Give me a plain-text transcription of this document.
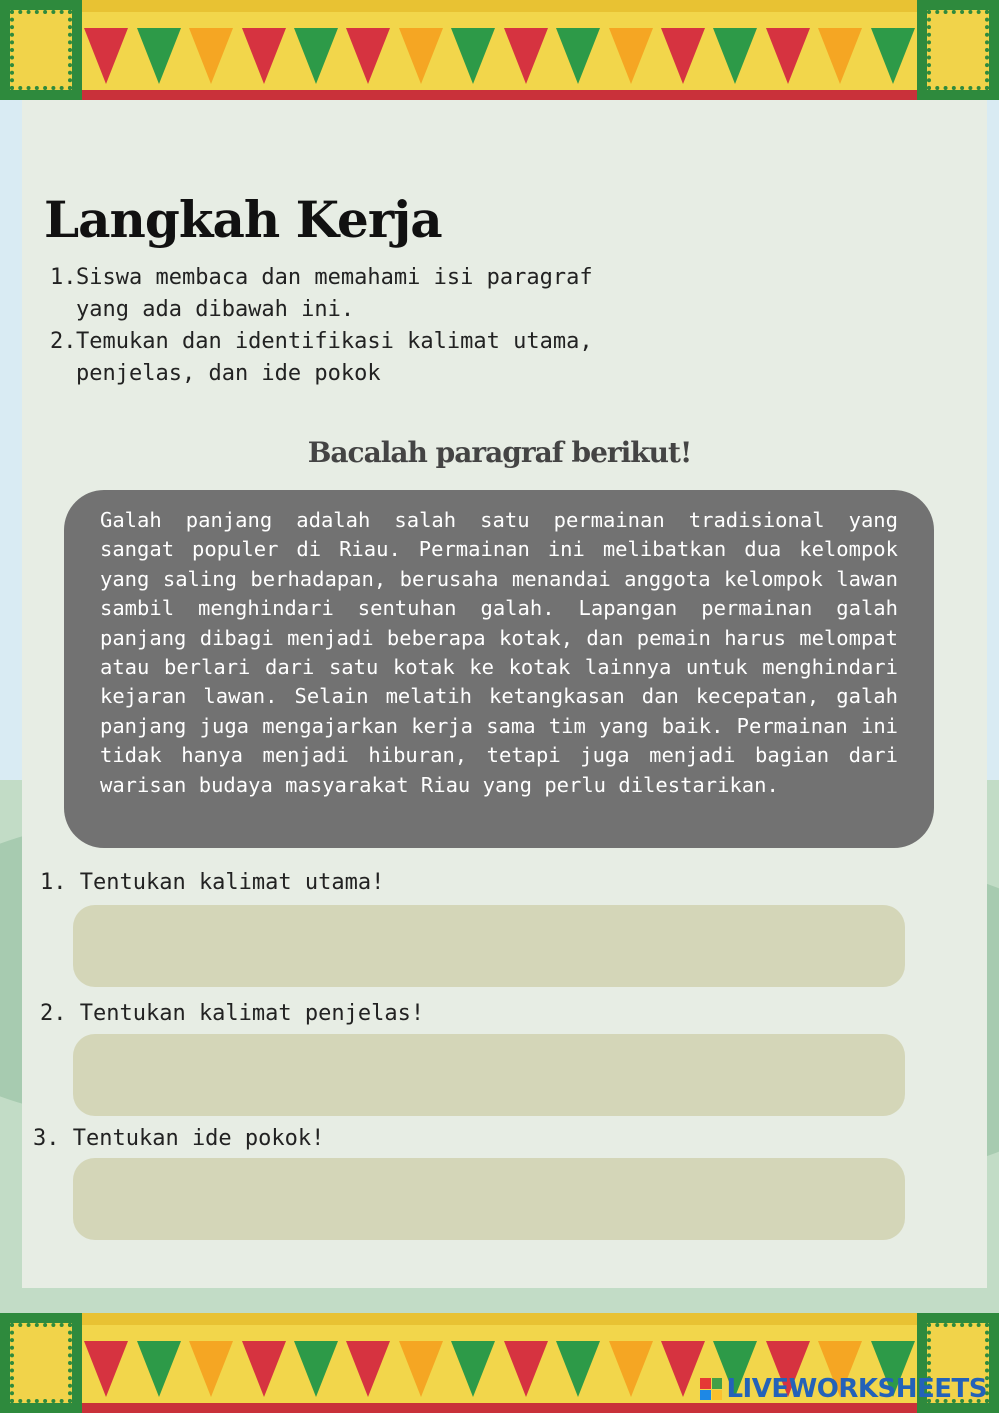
Langkah Kerja
1. Siswa membaca dan memahami isi paragraf yang ada dibawah ini.
2. Temukan dan identifikasi kalimat utama, penjelas, dan ide pokok
Bacalah paragraf berikut!

Galah panjang adalah salah satu permainan tradisional yang sangat populer di Riau. Permainan ini melibatkan dua kelompok yang saling berhadapan, berusaha menandai anggota kelompok lawan sambil menghindari sentuhan galah. Lapangan permainan galah panjang dibagi menjadi beberapa kotak, dan pemain harus melompat atau berlari dari satu kotak ke kotak lainnya untuk menghindari kejaran lawan. Selain melatih ketangkasan dan kecepatan, galah panjang juga mengajarkan kerja sama tim yang baik. Permainan ini tidak hanya menjadi hiburan, tetapi juga menjadi bagian dari warisan budaya masyarakat Riau yang perlu dilestarikan.

1. Tentukan kalimat utama!
2. Tentukan kalimat penjelas!
3. Tentukan ide pokok!
LIVEWORKSHEETS
